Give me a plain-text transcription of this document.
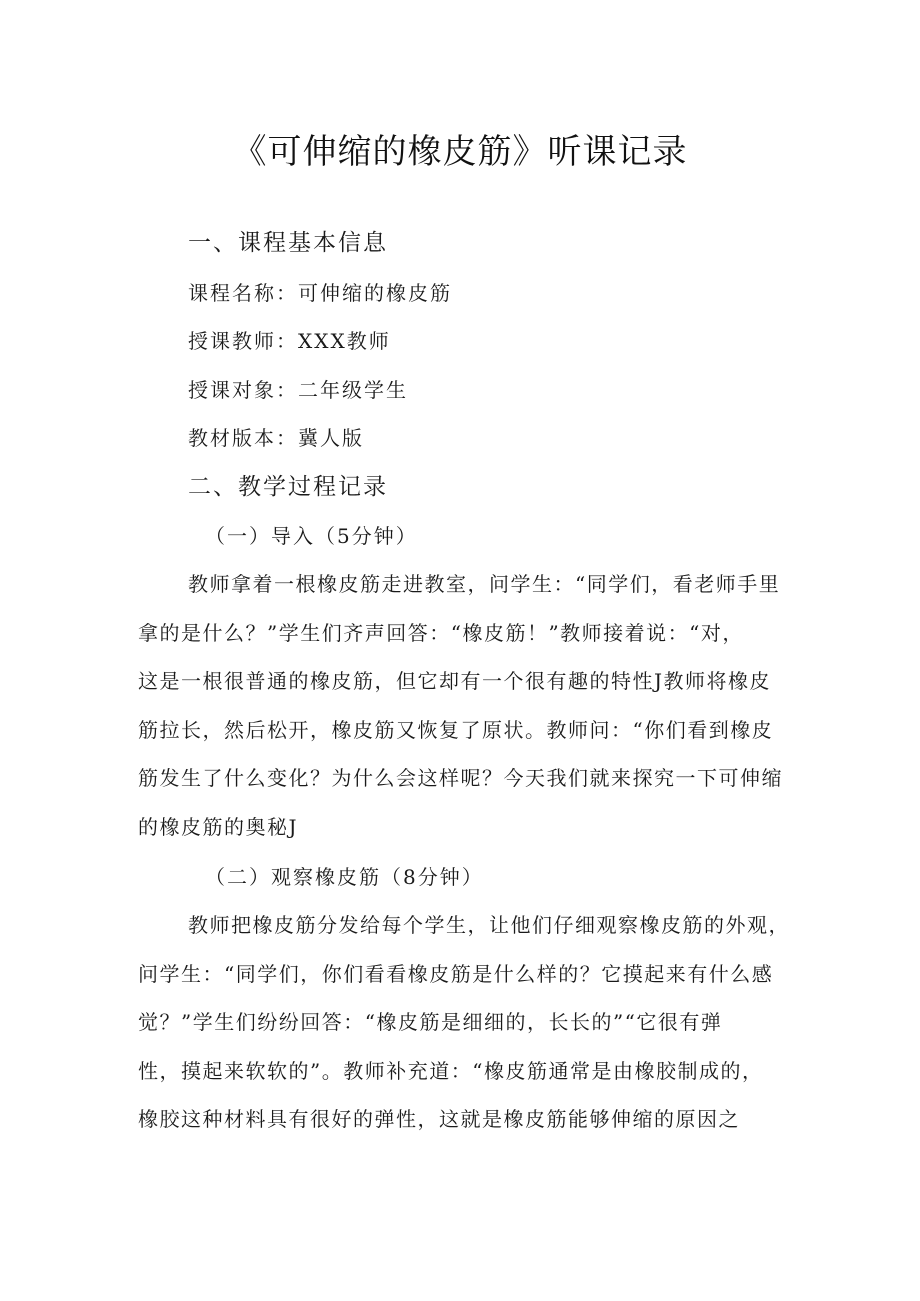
《可伸缩的橡皮筋》听课记录
一、课程基本信息
课程名称：可伸缩的橡皮筋
授课教师：XXX教师
授课对象：二年级学生
教材版本：冀人版
二、教学过程记录
（一）导入（5分钟）
教师拿着一根橡皮筋走进教室，问学生：“同学们，看老师手里
拿的是什么？”学生们齐声回答：“橡皮筋！”教师接着说：“对，
这是一根很普通的橡皮筋，但它却有一个很有趣的特性J教师将橡皮
筋拉长，然后松开，橡皮筋又恢复了原状。教师问：“你们看到橡皮
筋发生了什么变化？为什么会这样呢？今天我们就来探究一下可伸缩
的橡皮筋的奥秘J
（二）观察橡皮筋（8分钟）
教师把橡皮筋分发给每个学生，让他们仔细观察橡皮筋的外观，
问学生：“同学们，你们看看橡皮筋是什么样的？它摸起来有什么感
觉？”学生们纷纷回答：“橡皮筋是细细的，长长的”“它很有弹
性，摸起来软软的”。教师补充道：“橡皮筋通常是由橡胶制成的，
橡胶这种材料具有很好的弹性，这就是橡皮筋能够伸缩的原因之
